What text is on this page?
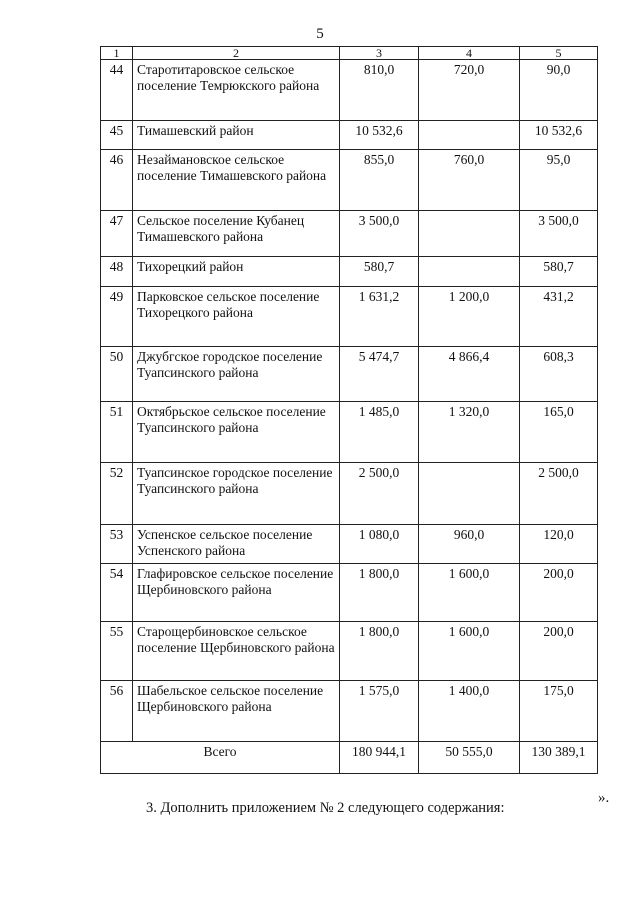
5
1	2	3	4	5
44	Старотитаровское сельское поселение Темрюкского района	810,0	720,0	90,0
45	Тимашевский район	10 532,6		10 532,6
46	Незаймановское сельское поселение Тимашевского района	855,0	760,0	95,0
47	Сельское поселение Кубанец Тимашевского района	3 500,0		3 500,0
48	Тихорецкий район	580,7		580,7
49	Парковское сельское поселение Тихорецкого района	1 631,2	1 200,0	431,2
50	Джубгское городское поселение Туапсинского района	5 474,7	4 866,4	608,3
51	Октябрьское сельское поселение Туапсинского района	1 485,0	1 320,0	165,0
52	Туапсинское городское поселение Туапсинского района	2 500,0		2 500,0
53	Успенское сельское поселение Успенского района	1 080,0	960,0	120,0
54	Глафировское сельское поселение Щербиновского района	1 800,0	1 600,0	200,0
55	Старощербиновское сельское поселение Щербиновского района	1 800,0	1 600,0	200,0
56	Шабельское сельское поселение Щербиновского района	1 575,0	1 400,0	175,0
Всего		180 944,1	50 555,0	130 389,1
».
3. Дополнить приложением № 2 следующего содержания:
